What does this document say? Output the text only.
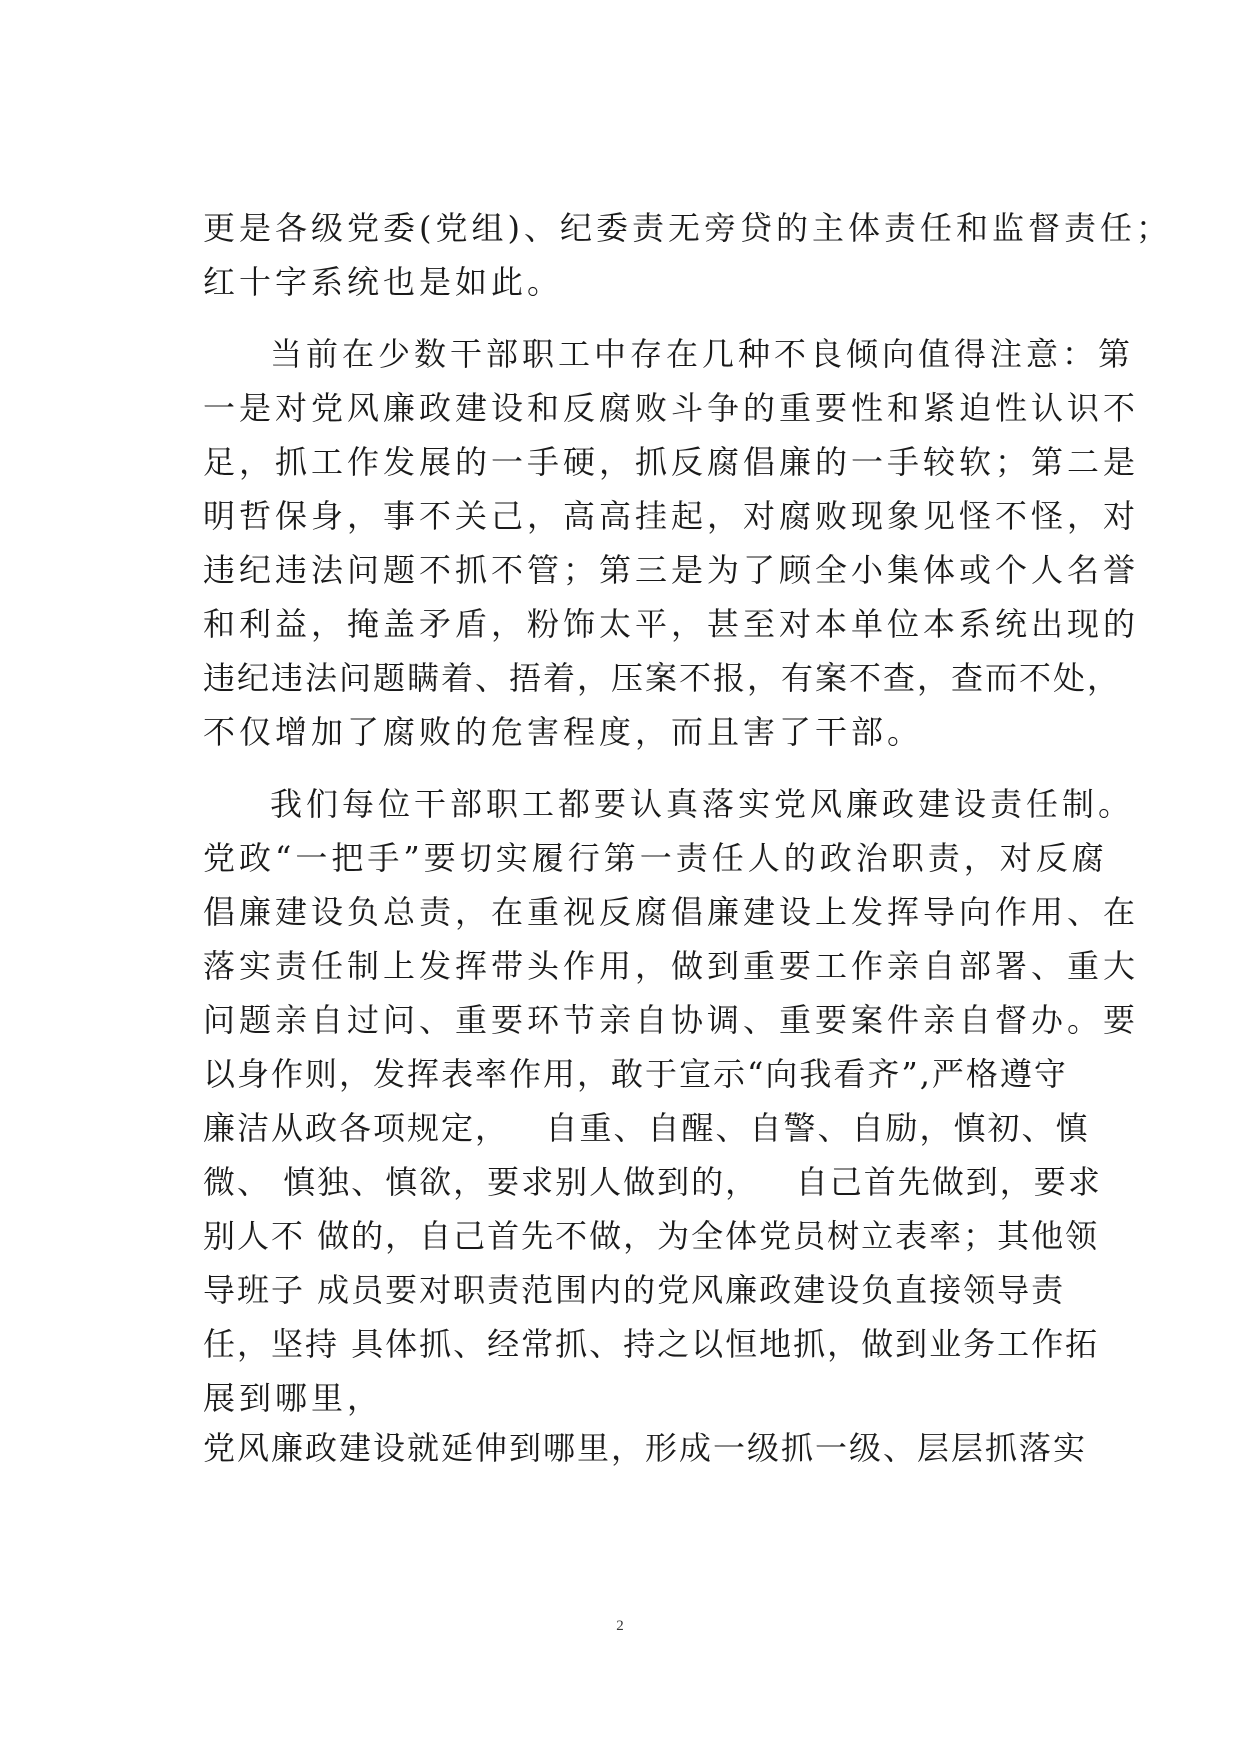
更是各级党委(党组)、纪委责无旁贷的主体责任和监督责任；
红十字系统也是如此。
当前在少数干部职工中存在几种不良倾向值得注意：第
一是对党风廉政建设和反腐败斗争的重要性和紧迫性认识不
足，抓工作发展的一手硬，抓反腐倡廉的一手较软；第二是
明哲保身，事不关己，高高挂起，对腐败现象见怪不怪，对
违纪违法问题不抓不管；第三是为了顾全小集体或个人名誉
和利益，掩盖矛盾，粉饰太平，甚至对本单位本系统出现的
违纪违法问题瞒着、捂着，压案不报，有案不查，查而不处，
不仅增加了腐败的危害程度，而且害了干部。
我们每位干部职工都要认真落实党风廉政建设责任制。
党政“一把手”要切实履行第一责任人的政治职责，对反腐
倡廉建设负总责，在重视反腐倡廉建设上发挥导向作用、在
落实责任制上发挥带头作用，做到重要工作亲自部署、重大
问题亲自过问、重要环节亲自协调、重要案件亲自督办。要
以身作则，发挥表率作用，敢于宣示“向我看齐”,严格遵守
廉洁从政各项规定，   自重、自醒、自警、自励，慎初、慎
微、 慎独、慎欲，要求别人做到的，   自己首先做到，要求
别人不 做的，自己首先不做，为全体党员树立表率；其他领
导班子 成员要对职责范围内的党风廉政建设负直接领导责
任，坚持 具体抓、经常抓、持之以恒地抓，做到业务工作拓
展到哪里，
党风廉政建设就延伸到哪里，形成一级抓一级、层层抓落实
2
